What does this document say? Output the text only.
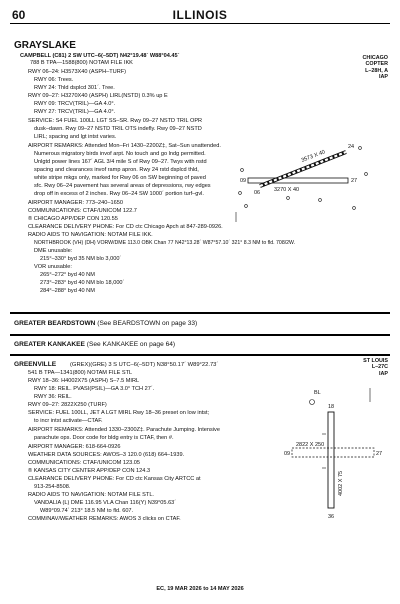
60	ILLINOIS
GRAYSLAKE
CAMPBELL (C81) 2 SW UTC–6(–5DT) N42°19.48´ W88°04.45´
788 B TPA—1588(800) NOTAM FILE IKK
CHICAGO
COPTER
L–28H, A
IAP
RWY 06–24: H3573X40 (ASPH–TURF)
RWY 06: Trees.
RWY 24: Thld dsplcd 301´. Tree.
RWY 09–27: H3270X40 (ASPH) LIRL(NSTD) 0.3% up E
RWY 09: TRCV(TRIL)—GA 4.0°.
RWY 27: TRCV(TRIL)—GA 4.0°.
SERVICE: S4 FUEL 100LL LGT SS–SR. Rwy 09–27 NSTD TRIL OPR
dusk–dawn. Rwy 09–27 NSTD TRIL OTS indefly. Rwy 09–27 NSTD
LIRL; spacing and lgt intst varies.
AIRPORT REMARKS: Attended Mon–Fri 1430–2200Z‡, Sat–Sun unattended.
Numerous migratory birds invof arpt. No touch and go lndg permitted.
Unlgtd power lines 167´ AGL 3/4 mile S of Rwy 09–27. Twys with nstd
spacing and clearances invof ramp apron. Rwy 24 rstd dsplcd thld,
white stripe mkgs only, marked for Rwy 06 on SW beginning of paved
sfc. Rwy 06–24 pavement has several areas of depressions, rwy edges
drop off in excess of 2 inches. Rwy 06–24 SW 1000´ portion turf–gvl.
AIRPORT MANAGER: 773–240–1650
COMMUNICATIONS: CTAF/UNICOM 122.7
® CHICAGO APP/DEP CON 120.55
CLEARANCE DELIVERY PHONE: For CD ctc Chicago Apch at 847-289-0926.
RADIO AIDS TO NAVIGATION: NOTAM FILE IKK.
NORTHBROOK (VH) (DH) VORW/DME 113.0 OBK Chan 77 N42°13.28´ W87°57.10´ 321° 8.3 NM to fld. 708/2W.
DME unusable:
215°–330° byd 35 NM blo 3,000´
VOR unusable:
265°–272° byd 40 NM
273°–283° byd 40 NM blo 18,000´
284°–288° byd 40 NM
3270 X 40
09	27
06
24
3573 X 40
GREATER BEARDSTOWN (See BEARDSTOWN on page 33)
GREATER KANKAKEE (See KANKAKEE on page 64)
GREENVILLE (GREX)(GRE) 3 S UTC–6(–5DT) N38°50.17´ W89°22.73´
541 B TPA—1341(800) NOTAM FILE STL
ST LOUIS
L–27C
IAP
RWY 18–36: H4002X75 (ASPH) S–7.5 MIRL
RWY 18: REIL. PVASI(PSIL)—GA 3.0° TCH 27´.
RWY 36: REIL.
RWY 09–27: 2822X250 (TURF)
SERVICE: FUEL 100LL, JET A LGT MIRL Rwy 18–36 preset on low intst;
to incr intst activate—CTAF.
AIRPORT REMARKS: Attended 1330–2300Z‡. Parachute Jumping. Intensive
parachute ops. Door code for bldg entry is CTAF, then #.
AIRPORT MANAGER: 618-664-0926
WEATHER DATA SOURCES: AWOS–3 120.0 (618) 664–1939.
COMMUNICATIONS: CTAF/UNICOM 123.05
® KANSAS CITY CENTER APP/DEP CON 124.3
CLEARANCE DELIVERY PHONE: For CD ctc Kansas City ARTCC at
913-254-8508.
RADIO AIDS TO NAVIGATION: NOTAM FILE STL.
VANDALIA (L) DME 116.95 VLA Chan 116(Y) N39°05.63´
W89°09.74´ 213° 18.5 NM to fld. 607.
COMM/NAV/WEATHER REMARKS: AWOS 3 clicks on CTAF.
BL
18
36
09	27
2822 X 250
4002 X 75
EC, 19 MAR 2026 to 14 MAY 2026
